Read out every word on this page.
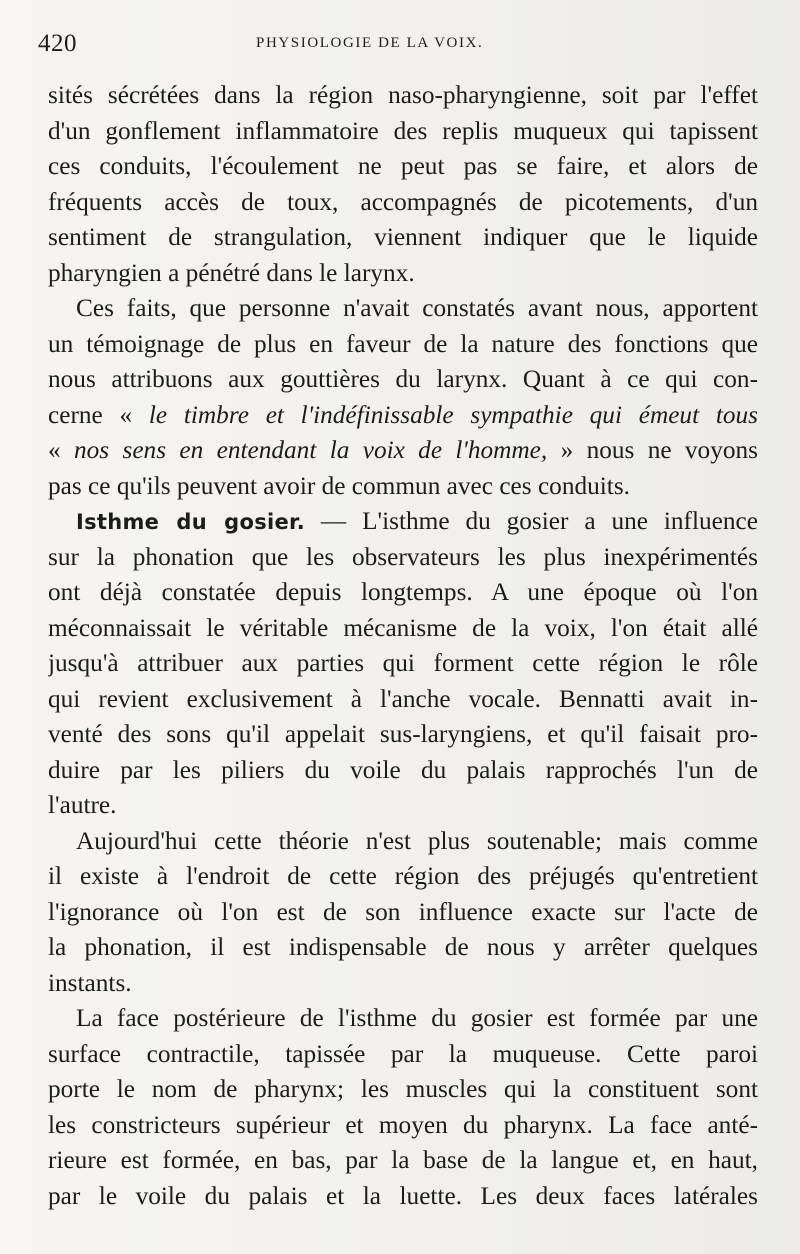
420	PHYSIOLOGIE DE LA VOIX.
sités sécrétées dans la région naso-pharyngienne, soit par l'effet
d'un gonflement inflammatoire des replis muqueux qui tapissent
ces conduits, l'écoulement ne peut pas se faire, et alors de
fréquents accès de toux, accompagnés de picotements, d'un
sentiment de strangulation, viennent indiquer que le liquide
pharyngien a pénétré dans le larynx.
Ces faits, que personne n'avait constatés avant nous, apportent
un témoignage de plus en faveur de la nature des fonctions que
nous attribuons aux gouttières du larynx. Quant à ce qui con-
cerne « le timbre et l'indéfinissable sympathie qui émeut tous
« nos sens en entendant la voix de l'homme, » nous ne voyons
pas ce qu'ils peuvent avoir de commun avec ces conduits.
Isthme du gosier. — L'isthme du gosier a une influence
sur la phonation que les observateurs les plus inexpérimentés
ont déjà constatée depuis longtemps. A une époque où l'on
méconnaissait le véritable mécanisme de la voix, l'on était allé
jusqu'à attribuer aux parties qui forment cette région le rôle
qui revient exclusivement à l'anche vocale. Bennatti avait in-
venté des sons qu'il appelait sus-laryngiens, et qu'il faisait pro-
duire par les piliers du voile du palais rapprochés l'un de
l'autre.
Aujourd'hui cette théorie n'est plus soutenable; mais comme
il existe à l'endroit de cette région des préjugés qu'entretient
l'ignorance où l'on est de son influence exacte sur l'acte de
la phonation, il est indispensable de nous y arrêter quelques
instants.
La face postérieure de l'isthme du gosier est formée par une
surface contractile, tapissée par la muqueuse. Cette paroi
porte le nom de pharynx; les muscles qui la constituent sont
les constricteurs supérieur et moyen du pharynx. La face anté-
rieure est formée, en bas, par la base de la langue et, en haut,
par le voile du palais et la luette. Les deux faces latérales
